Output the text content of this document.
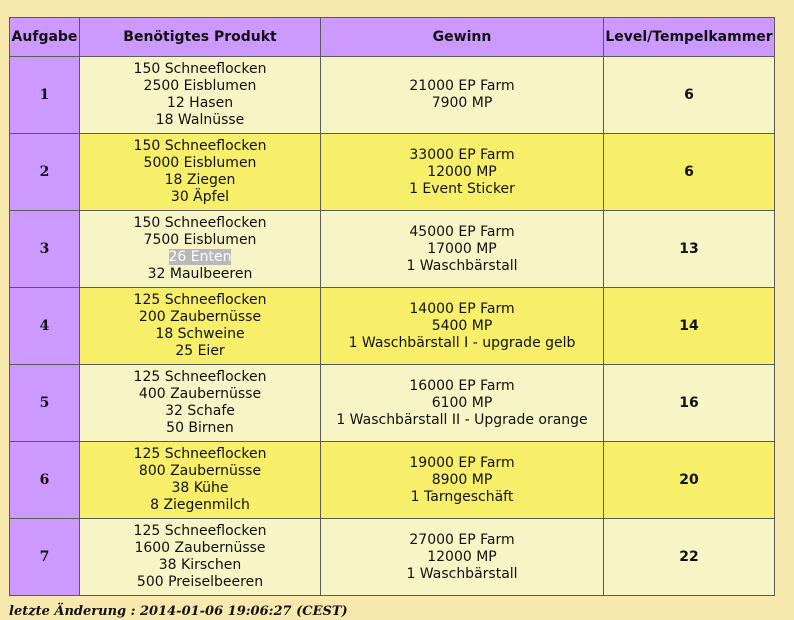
Aufgabe	Benötigtes Produkt	Gewinn	Level/Tempelkammer
1	150 Schneeflocken
2500 Eisblumen
12 Hasen
18 Walnüsse	21000 EP Farm
7900 MP	6
2	150 Schneeflocken
5000 Eisblumen
18 Ziegen
30 Äpfel	33000 EP Farm
12000 MP
1 Event Sticker	6
3	150 Schneeflocken
7500 Eisblumen
26 Enten
32 Maulbeeren	45000 EP Farm
17000 MP
1 Waschbärstall	13
4	125 Schneeflocken
200 Zaubernüsse
18 Schweine
25 Eier	14000 EP Farm
5400 MP
1 Waschbärstall I - upgrade gelb	14
5	125 Schneeflocken
400 Zaubernüsse
32 Schafe
50 Birnen	16000 EP Farm
6100 MP
1 Waschbärstall II - Upgrade orange	16
6	125 Schneeflocken
800 Zaubernüsse
38 Kühe
8 Ziegenmilch	19000 EP Farm
8900 MP
1 Tarngeschäft	20
7	125 Schneeflocken
1600 Zaubernüsse
38 Kirschen
500 Preiselbeeren	27000 EP Farm
12000 MP
1 Waschbärstall	22
letzte Änderung : 2014-01-06 19:06:27 (CEST)
